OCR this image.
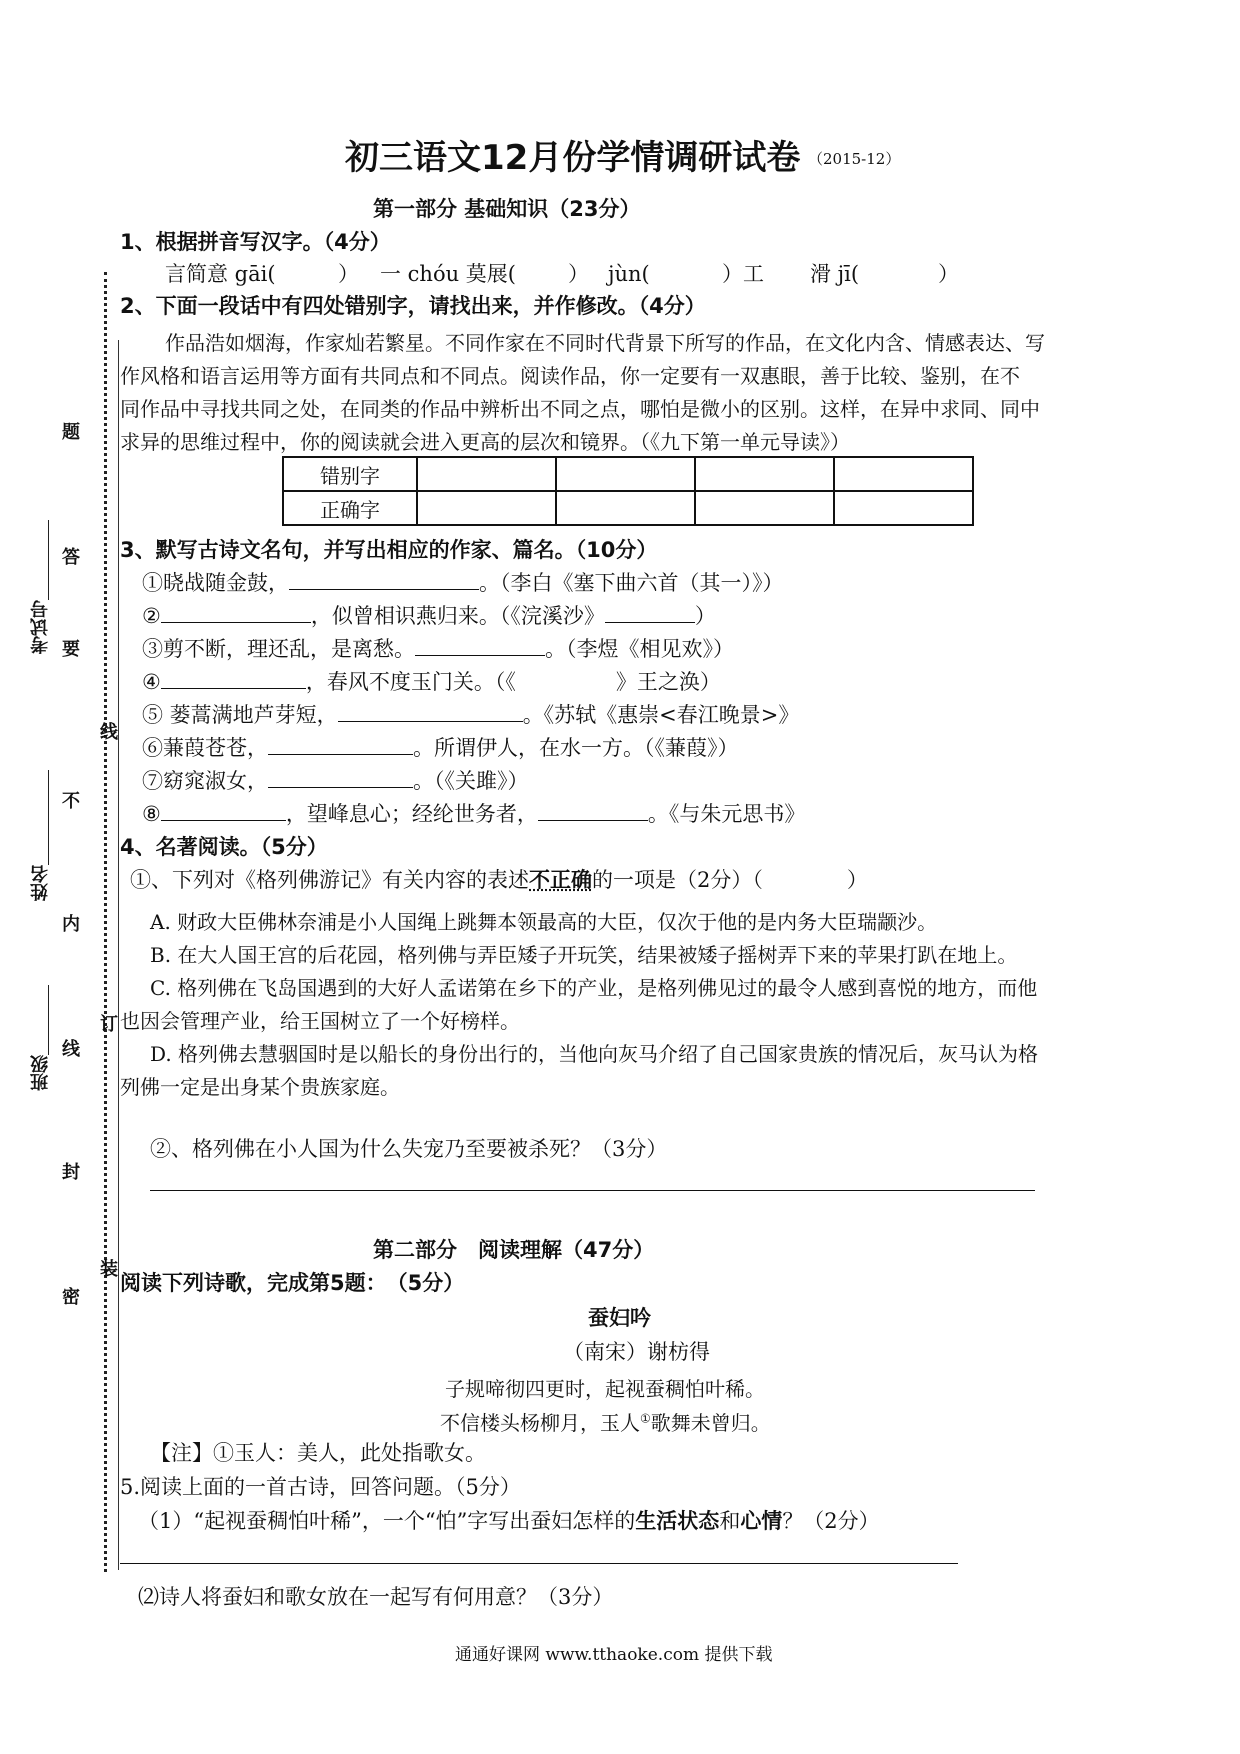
题
答
要
不
内
线
封
密
线
订
装
考试号
姓名
班级
初三语文12月份学情调研试卷 （2015-12）
第一部分 基础知识（23分）
1、根据拼音写汉字。（4分）
言简意 gāi(	） 一 chóu 莫展( ） jùn(	）工 滑 jī(	）
2、下面一段话中有四处错别字，请找出来，并作修改。（4分）
作品浩如烟海，作家灿若繁星。不同作家在不同时代背景下所写的作品，在文化内含、情感表达、写
作风格和语言运用等方面有共同点和不同点。阅读作品，你一定要有一双惠眼，善于比较、鉴别，在不
同作品中寻找共同之处，在同类的作品中辨析出不同之点，哪怕是微小的区别。这样，在异中求同、同中
求异的思维过程中，你的阅读就会进入更高的层次和镜界。（《九下第一单元导读》）
错别字				
正确字				
3、默写古诗文名句，并写出相应的作家、篇名。（10分）
①晓战随金鼓，	。（李白《塞下曲六首（其一）》）
②	，似曾相识燕归来。（《浣溪沙》	）
③剪不断，理还乱，是离愁。	。（李煜《相见欢》）
④	，春风不度玉门关。（《	》王之涣）
⑤ 蒌蒿满地芦芽短，	。《苏轼《惠崇<春江晚景>》
⑥蒹葭苍苍，	。所谓伊人，在水一方。（《蒹葭》）
⑦窈窕淑女，	。（《关雎》）
⑧	，望峰息心；经纶世务者，	。《与朱元思书》
4、名著阅读。（5分）
①、下列对《格列佛游记》有关内容的表述不正确的一项是（2分）（　　　　）
A. 财政大臣佛林奈浦是小人国绳上跳舞本领最高的大臣，仅次于他的是内务大臣瑞颛沙。
B. 在大人国王宫的后花园，格列佛与弄臣矮子开玩笑，结果被矮子摇树弄下来的苹果打趴在地上。
C. 格列佛在飞岛国遇到的大好人孟诺第在乡下的产业，是格列佛见过的最令人感到喜悦的地方，而他
也因会管理产业，给王国树立了一个好榜样。
D. 格列佛去慧骃国时是以船长的身份出行的，当他向灰马介绍了自己国家贵族的情况后，灰马认为格
列佛一定是出身某个贵族家庭。
②、格列佛在小人国为什么失宠乃至要被杀死？（3分）
第二部分　阅读理解（47分）
阅读下列诗歌，完成第5题：　（5分）
蚕妇吟
（南宋）谢枋得
子规啼彻四更时，起视蚕稠怕叶稀。
不信楼头杨柳月，玉人①歌舞未曾归。
【注】①玉人：美人，此处指歌女。
5.阅读上面的一首古诗，回答问题。（5分）
（1）“起视蚕稠怕叶稀”，一个“怕”字写出蚕妇怎样的生活状态和心情？（2分）
⑵诗人将蚕妇和歌女放在一起写有何用意？（3分）
通通好课网 www.tthaoke.com 提供下载
